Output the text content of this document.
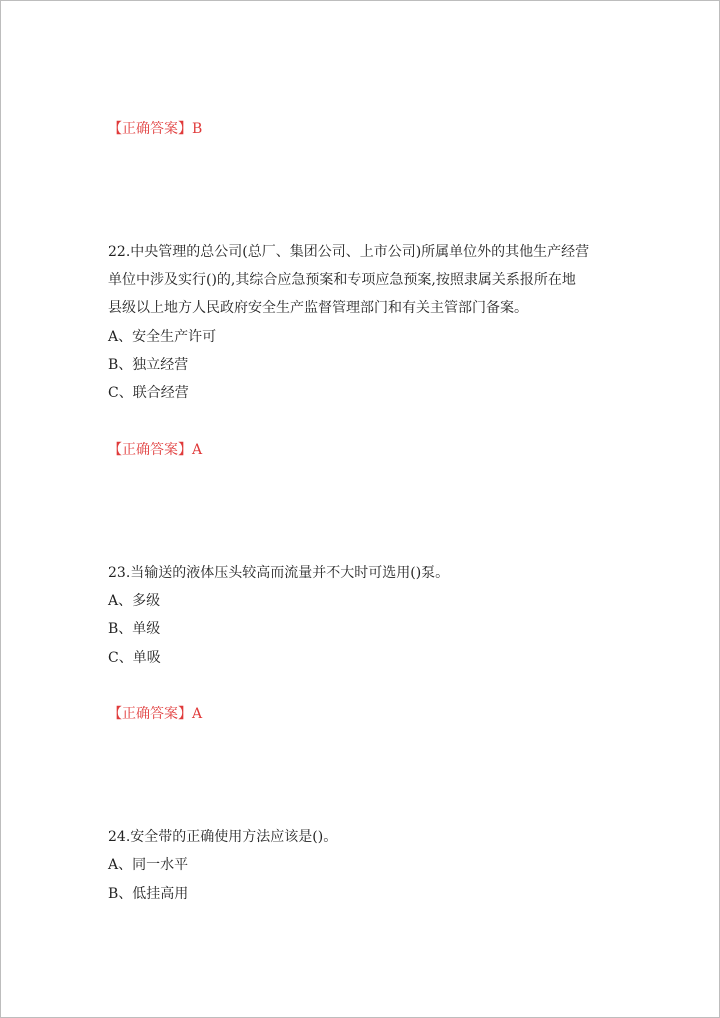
【正确答案】B
22.中央管理的总公司(总厂、集团公司、上市公司)所属单位外的其他生产经营
单位中涉及实行()的,其综合应急预案和专项应急预案,按照隶属关系报所在地
县级以上地方人民政府安全生产监督管理部门和有关主管部门备案。
A、安全生产许可
B、独立经营
C、联合经营
【正确答案】A
23.当输送的液体压头较高而流量并不大时可选用()泵。
A、多级
B、单级
C、单吸
【正确答案】A
24.安全带的正确使用方法应该是()。
A、同一水平
B、低挂高用
